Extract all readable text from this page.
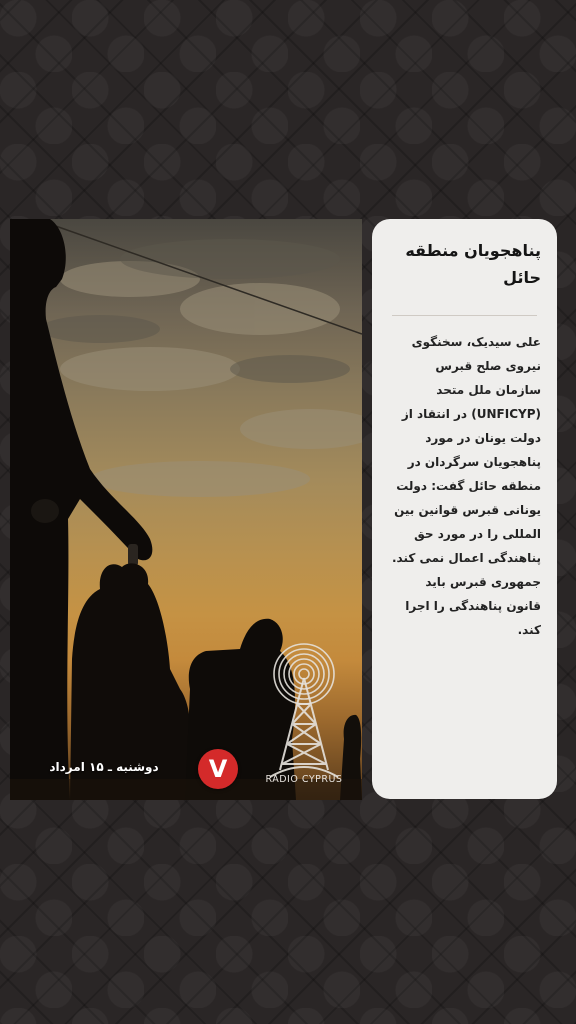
دوشنبه ـ ۱۵ امرداد	V	RADIO CYPRUS
پناهجویان منطقه حائل

علی سیدیک، سخنگوی نیروی صلح قبرس سازمان ملل متحد (UNFICYP) در انتقاد از دولت یونان در مورد پناهجویان سرگردان در منطقه حائل گفت: دولت یونانی قبرس قوانین بین المللی را در مورد حق پناهندگی اعمال نمی کند. جمهوری قبرس باید قانون پناهندگی را اجرا کند.
